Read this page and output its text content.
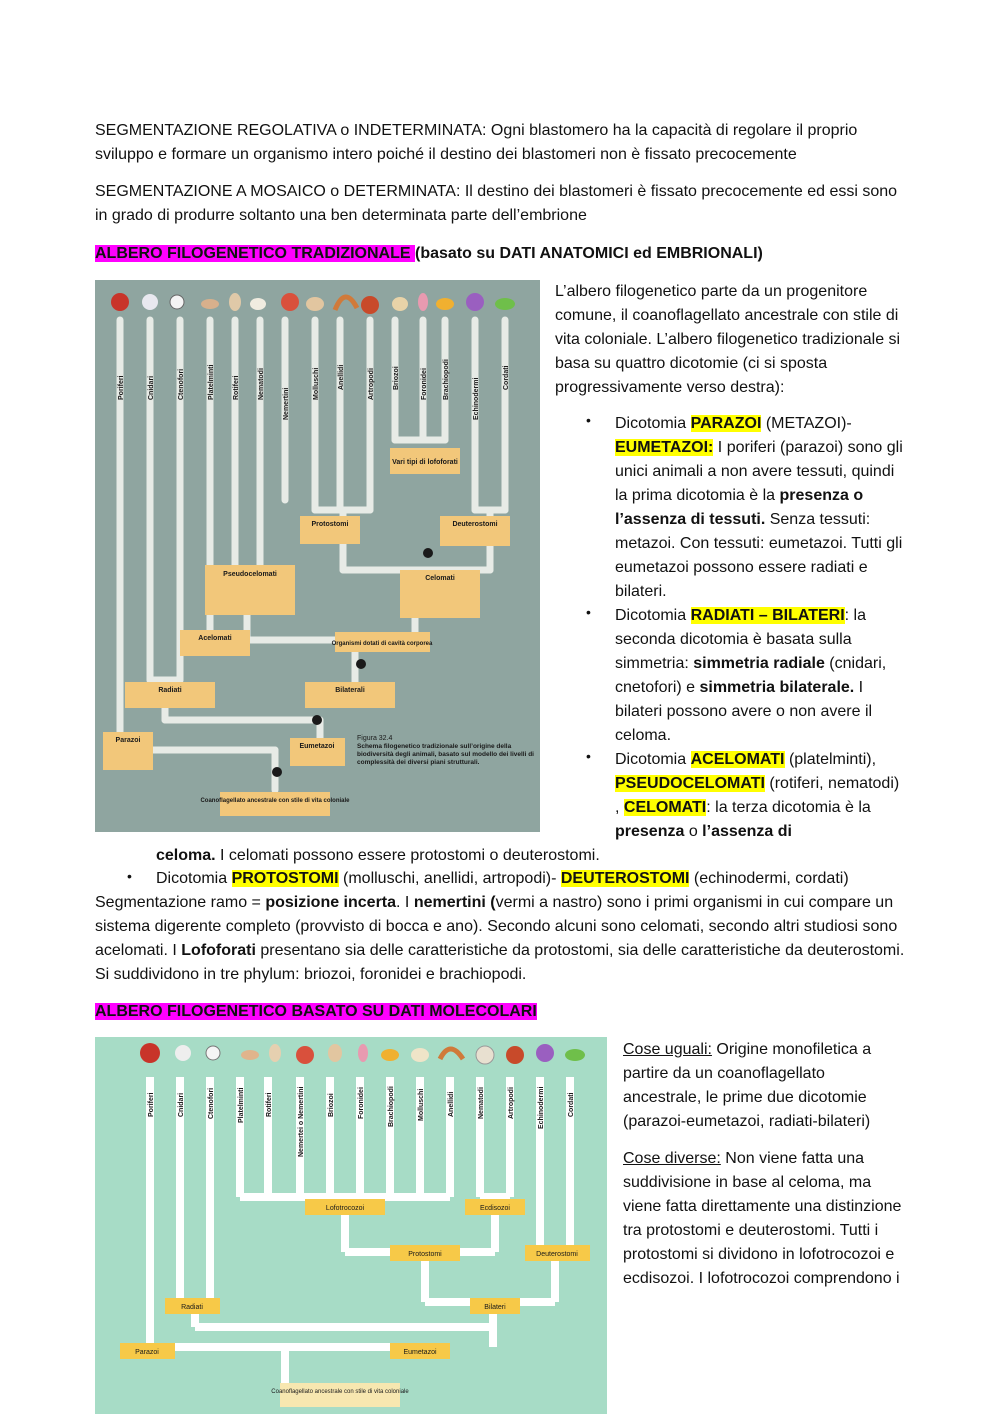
SEGMENTAZIONE REGOLATIVA o INDETERMINATA: Ogni blastomero ha la capacità di regolare il proprio sviluppo e formare un organismo intero poiché il destino dei blastomeri non è fissato precocemente
SEGMENTAZIONE A MOSAICO o DETERMINATA: Il destino dei blastomeri è fissato precocemente ed essi sono in grado di produrre soltanto una ben determinata parte dell’embrione
ALBERO FILOGENETICO TRADIZIONALE (basato su DATI ANATOMICI ed EMBRIONALI)
Poriferi	Cnidari	Ctenofori	Platelminti	Rotiferi	Nematodi
Nemertini
Molluschi	Anellidi	Artropodi	Briozoi	Foronidei Brachiopodi	Echinodermi	Cordati
Vari tipi di lofoforati
Protostomi	Deuterostomi
Pseudocelomati
Celomati
Acelomati
Organismi dotati di cavità corporea
Radiati	Bilaterali
Parazoi
Eumetazoi
Coanoflagellato ancestrale con stile di vita coloniale
Figura 32.4
Schema filogenetico tradizionale sull’origine della biodiversità degli animali, basato sul modello dei livelli di complessità dei diversi piani strutturali.
L’albero filogenetico parte da un progenitore comune, il coanoflagellato ancestrale con stile di vita coloniale. L’albero filogenetico tradizionale si basa su quattro dicotomie (ci si sposta progressivamente verso destra):
• Dicotomia PARAZOI (METAZOI)-EUMETAZOI: I poriferi (parazoi) sono gli unici animali a non avere tessuti, quindi la prima dicotomia è la presenza o l’assenza di tessuti. Senza tessuti: metazoi. Con tessuti: eumetazoi. Tutti gli eumetazoi possono essere radiati e bilateri.
• Dicotomia RADIATI – BILATERI: la seconda dicotomia è basata sulla simmetria: simmetria radiale (cnidari, cnetofori) e simmetria bilaterale. I bilateri possono avere o non avere il celoma.
• Dicotomia ACELOMATI (platelminti), PSEUDOCELOMATI (rotiferi, nematodi) , CELOMATI: la terza dicotomia è la presenza o l’assenza di
celoma. I celomati possono essere protostomi o deuterostomi.
• Dicotomia PROTOSTOMI (molluschi, anellidi, artropodi)- DEUTEROSTOMI (echinodermi, cordati)
Segmentazione ramo = posizione incerta. I nemertini (vermi a nastro) sono i primi organismi in cui compare un sistema digerente completo (provvisto di bocca e ano). Secondo alcuni sono celomati, secondo altri studiosi sono acelomati. I Lofoforati presentano sia delle caratteristiche da protostomi, sia delle caratteristiche da deuterostomi. Si suddividono in tre phylum: briozoi, foronidei e brachiopodi.
ALBERO FILOGENETICO BASATO SU DATI MOLECOLARI
Poriferi	Cnidari	Ctenofori	Platelminti	Rotiferi	Nemertei o Nemertini	Briozoi	Foronidei	Brachiopodi	Molluschi	Anellidi	Nematodi	Artropodi	Echinodermi	Cordati
Lofotrocozoi	Ecdisozoi
Protostomi	Deuterostomi
Radiati	Bilateri
Parazoi	Eumetazoi
Coanoflagellato ancestrale con stile di vita coloniale
Cose uguali: Origine monofiletica a partire da un coanoflagellato ancestrale, le prime due dicotomie (parazoi-eumetazoi, radiati-bilateri)
Cose diverse: Non viene fatta una suddivisione in base al celoma, ma viene fatta direttamente una distinzione tra protostomi e deuterostomi. Tutti i protostomi si dividono in lofotrocozoi e ecdisozoi. I lofotrocozoi comprendono i
